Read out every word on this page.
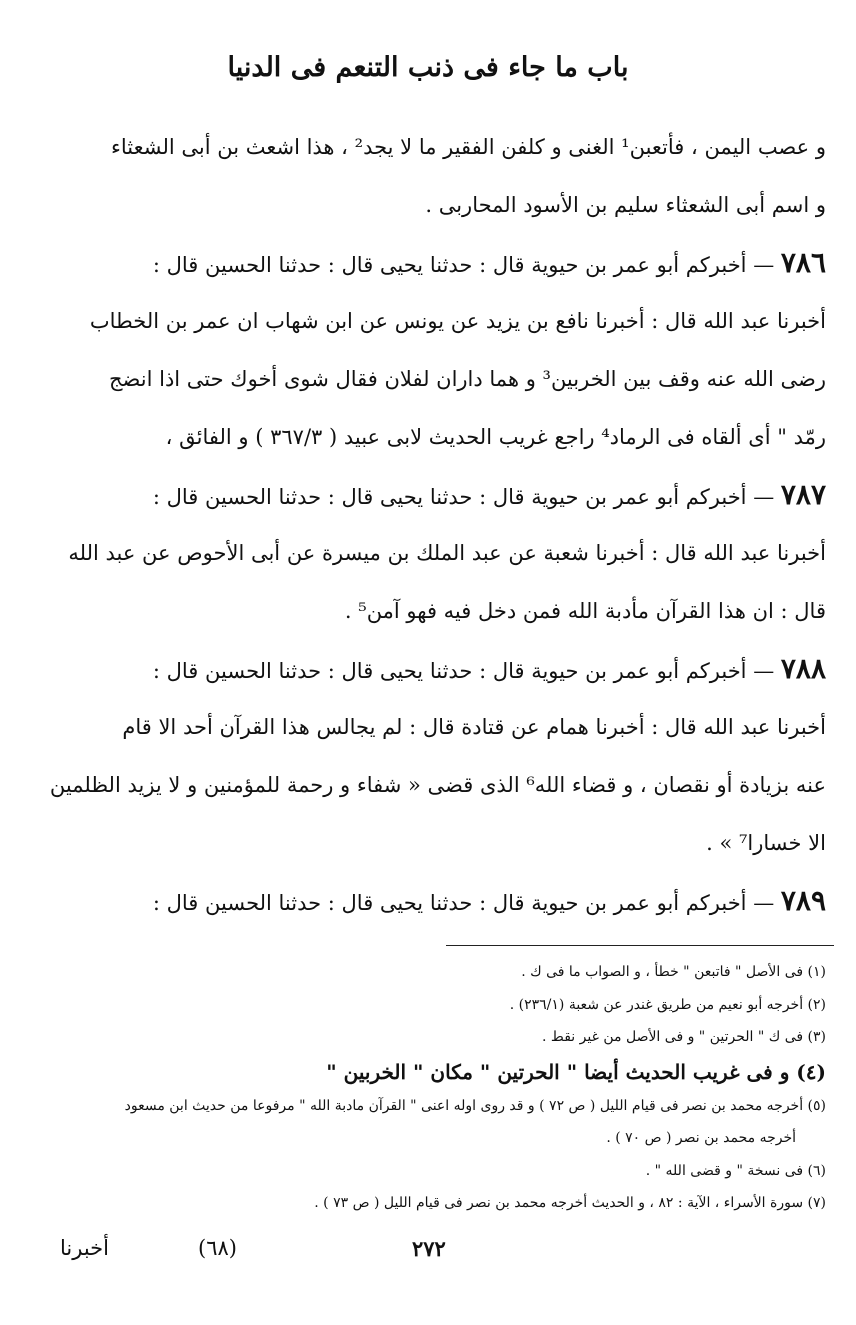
باب ما جاء فى ذنب التنعم فى الدنيا
و عصب اليمن ، فأتعبن¹ الغنى و كلفن الفقير ما لا يجد² ، هذا اشعث بن أبى الشعثاء
و اسم أبى الشعثاء سليم بن الأسود المحاربى .
٧٨٦ — أخبركم أبو عمر بن حيوية قال : حدثنا يحيى قال : حدثنا الحسين قال :
أخبرنا عبد الله قال : أخبرنا نافع بن يزيد عن يونس عن ابن شهاب ان عمر بن الخطاب
رضى الله عنه وقف بين الخربين³ و هما داران لفلان فقال شوى أخوك حتى اذا انضج
رمّد " أى ألقاه فى الرماد⁴ راجع غريب الحديث لابى عبيد ( ٣٦٧/٣ ) و الفائق ،
٧٨٧ — أخبركم أبو عمر بن حيوية قال : حدثنا يحيى قال : حدثنا الحسين قال :
أخبرنا عبد الله قال : أخبرنا شعبة عن عبد الملك بن ميسرة عن أبى الأحوص عن عبد الله
قال : ان هذا القرآن مأدبة الله فمن دخل فيه فهو آمن⁵ .
٧٨٨ — أخبركم أبو عمر بن حيوية قال : حدثنا يحيى قال : حدثنا الحسين قال :
أخبرنا عبد الله قال : أخبرنا همام عن قتادة قال : لم يجالس هذا القرآن أحد الا قام
عنه بزيادة أو نقصان ، و قضاء الله⁶ الذى قضى « شفاء و رحمة للمؤمنين و لا يزيد الظلمين
الا خسارا⁷ » .
٧٨٩ — أخبركم أبو عمر بن حيوية قال : حدثنا يحيى قال : حدثنا الحسين قال :
(١) فى الأصل " فاتبعن " خطأ ، و الصواب ما فى ك .
(٢) أخرجه أبو نعيم من طريق غندر عن شعبة (٢٣٦/١) .
(٣) فى ك " الحرتين " و فى الأصل من غير نقط .
(٤) و فى غريب الحديث أيضا " الحرتين " مكان " الخربين "
(٥) أخرجه محمد بن نصر فى قيام الليل ( ص ٧٢ ) و قد روى اوله اعنى " القرآن مادبة الله " مرفوعا من حديث ابن مسعود
أخرجه محمد بن نصر ( ص ٧٠ ) .
(٦) فى نسخة " و قضى الله " .
(٧) سورة الأسراء ، الآية : ٨٢ ، و الحديث أخرجه محمد بن نصر فى قيام الليل ( ص ٧٣ ) .
أخبرنا	(٦٨)	٢٧٢
